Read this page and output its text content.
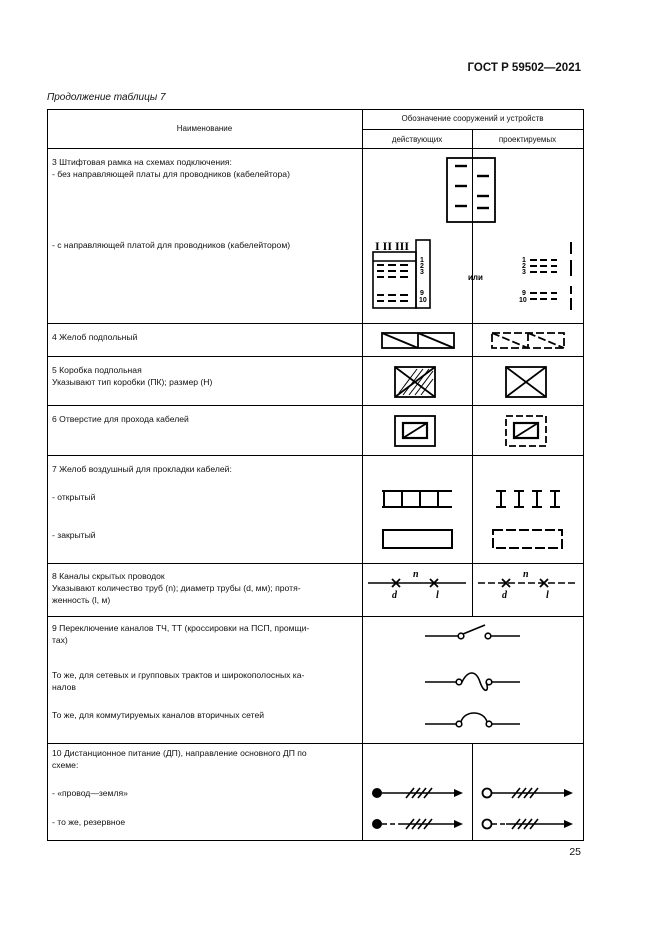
ГОСТ Р 59502—2021
Продолжение таблицы 7
Наименование
Обозначение сооружений и устройств
действующих	проектируемых
3 Штифтовая рамка на схемах подключения:
- без направляющей платы для проводников (кабелейтора)
- с направляющей платой для проводников (кабелейтором)	I II III
1
2
3
9
10
или
1
2
3
9
10
4 Желоб подпольный
5 Коробка подпольная
Указывают тип коробки (ПК); размер (Н)
6 Отверстие для прохода кабелей
7 Желоб воздушный для прокладки кабелей:
- открытый
- закрытый
8 Каналы скрытых проводок
Указывают количество труб (n); диаметр трубы (d, мм); протя-
женность (l, м)
n
d	l
n
d	l
9 Переключение каналов ТЧ, ТТ (кроссировки на ПСП, промщи-
тах)
То же, для сетевых и групповых трактов и широкополосных ка-
налов
То же, для коммутируемых каналов вторичных сетей
10 Дистанционное питание (ДП), направление основного ДП по
схеме:
- «провод—земля»
- то же, резервное
25
